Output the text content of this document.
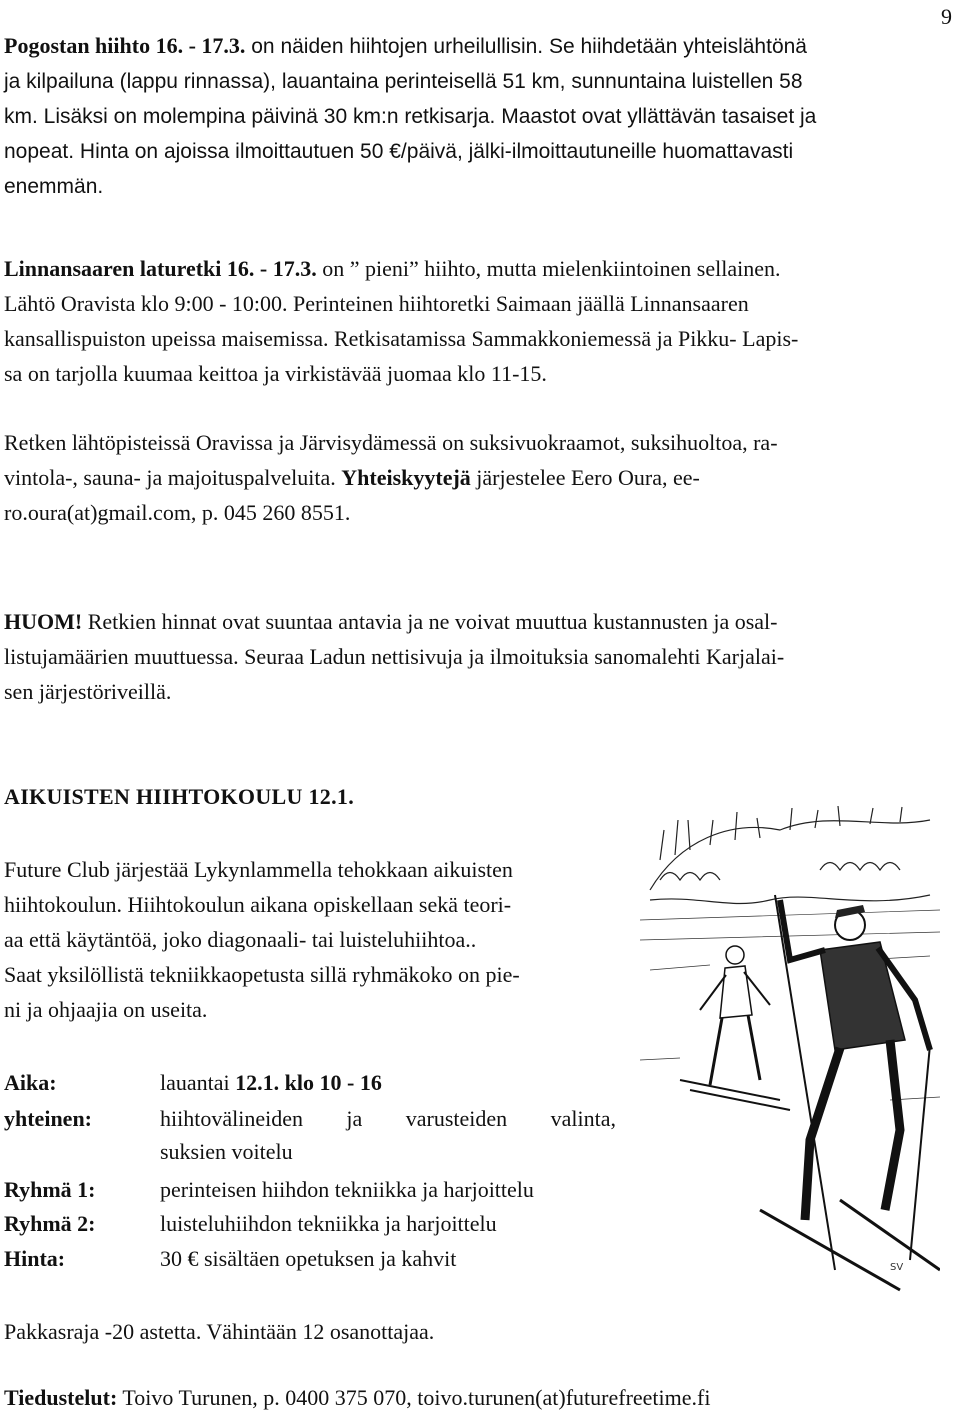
9
Pogostan hiihto 16. - 17.3. on näiden hiihtojen urheilullisin. Se hiihdetään yhteislähtönä
ja kilpailuna (lappu rinnassa), lauantaina perinteisellä 51 km, sunnuntaina luistellen 58
km. Lisäksi on molempina päivinä 30 km:n retkisarja. Maastot ovat yllättävän tasaiset ja
nopeat. Hinta on ajoissa ilmoittautuen 50 €/päivä, jälki-ilmoittautuneille huomattavasti
enemmän.
Linnansaaren laturetki 16. - 17.3. on ” pieni” hiihto, mutta mielenkiintoinen sellainen.
Lähtö Oravista klo 9:00 - 10:00. Perinteinen hiihtoretki Saimaan jäällä Linnansaaren
kansallispuiston upeissa maisemissa. Retkisatamissa Sammakkoniemessä ja Pikku- Lapis-
sa on tarjolla kuumaa keittoa ja virkistävää juomaa klo 11-15.
Retken lähtöpisteissä Oravissa ja Järvisydämessä on suksivuokraamot, suksihuoltoa, ra-
vintola-, sauna- ja majoituspalveluita. Yhteiskyytejä järjestelee Eero Oura, ee-
ro.oura(at)gmail.com, p. 045 260 8551.
HUOM! Retkien hinnat ovat suuntaa antavia ja ne voivat muuttua kustannusten ja osal-
listujamäärien muuttuessa. Seuraa Ladun nettisivuja ja ilmoituksia sanomalehti Karjalai-
sen järjestöriveillä.
AIKUISTEN HIIHTOKOULU 12.1.
Future Club järjestää Lykynlammella tehokkaan aikuisten
hiihtokoulun. Hiihtokoulun aikana opiskellaan sekä teori-
aa että käytäntöä, joko diagonaali- tai luisteluhiihtoa..
Saat yksilöllistä tekniikkaopetusta sillä ryhmäkoko on pie-
ni ja ohjaajia on useita.
Aika:	lauantai 12.1. klo 10 - 16
yhteinen:	hiihtovälineiden ja varusteiden valinta,
suksien voitelu
Ryhmä 1:	perinteisen hiihdon tekniikka ja harjoittelu
Ryhmä 2:	luisteluhiihdon tekniikka ja harjoittelu
Hinta:	30 € sisältäen opetuksen ja kahvit
Pakkasraja -20 astetta. Vähintään 12 osanottajaa.
Tiedustelut: Toivo Turunen, p. 0400 375 070, toivo.turunen(at)futurefreetime.fi
SV
